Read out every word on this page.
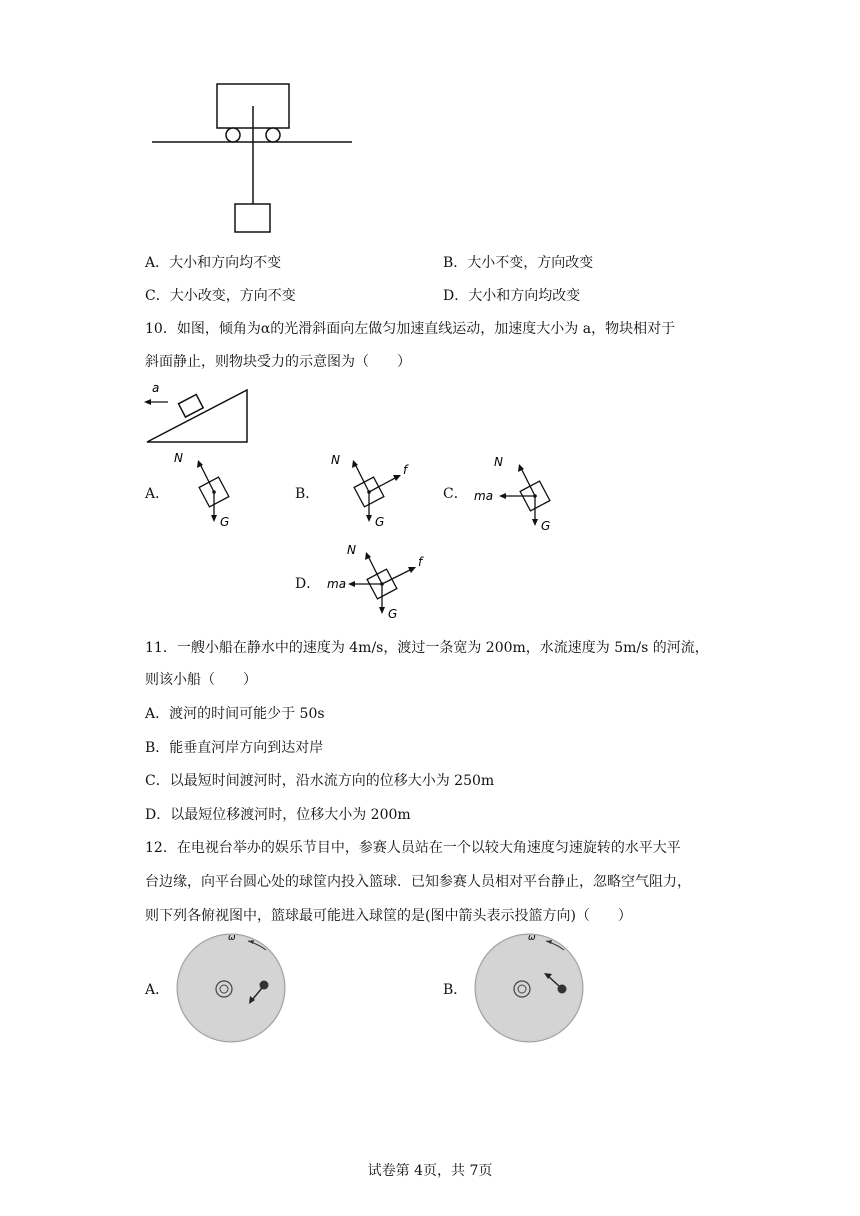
A．大小和方向均不变	B．大小不变，方向改变
C．大小改变，方向不变	D．大小和方向均改变
10．如图，倾角为α的光滑斜面向左做匀加速直线运动，加速度大小为 a，物块相对于
斜面静止，则物块受力的示意图为（　　）
a
A．
N
G
B．
N
G
f
C．
N
G
ma
D．
N
G
f
ma
11．一艘小船在静水中的速度为 4m/s，渡过一条宽为 200m，水流速度为 5m/s 的河流，
则该小船（　　）
A．渡河的时间可能少于 50s
B．能垂直河岸方向到达对岸
C．以最短时间渡河时，沿水流方向的位移大小为 250m
D．以最短位移渡河时，位移大小为 200m
12．在电视台举办的娱乐节目中，参赛人员站在一个以较大角速度匀速旋转的水平大平
台边缘，向平台圆心处的球筐内投入篮球．已知参赛人员相对平台静止，忽略空气阻力，
则下列各俯视图中，篮球最可能进入球筐的是(图中箭头表示投篮方向)（　　）
A．
ω
B．
ω
试卷第 4页，共 7页
